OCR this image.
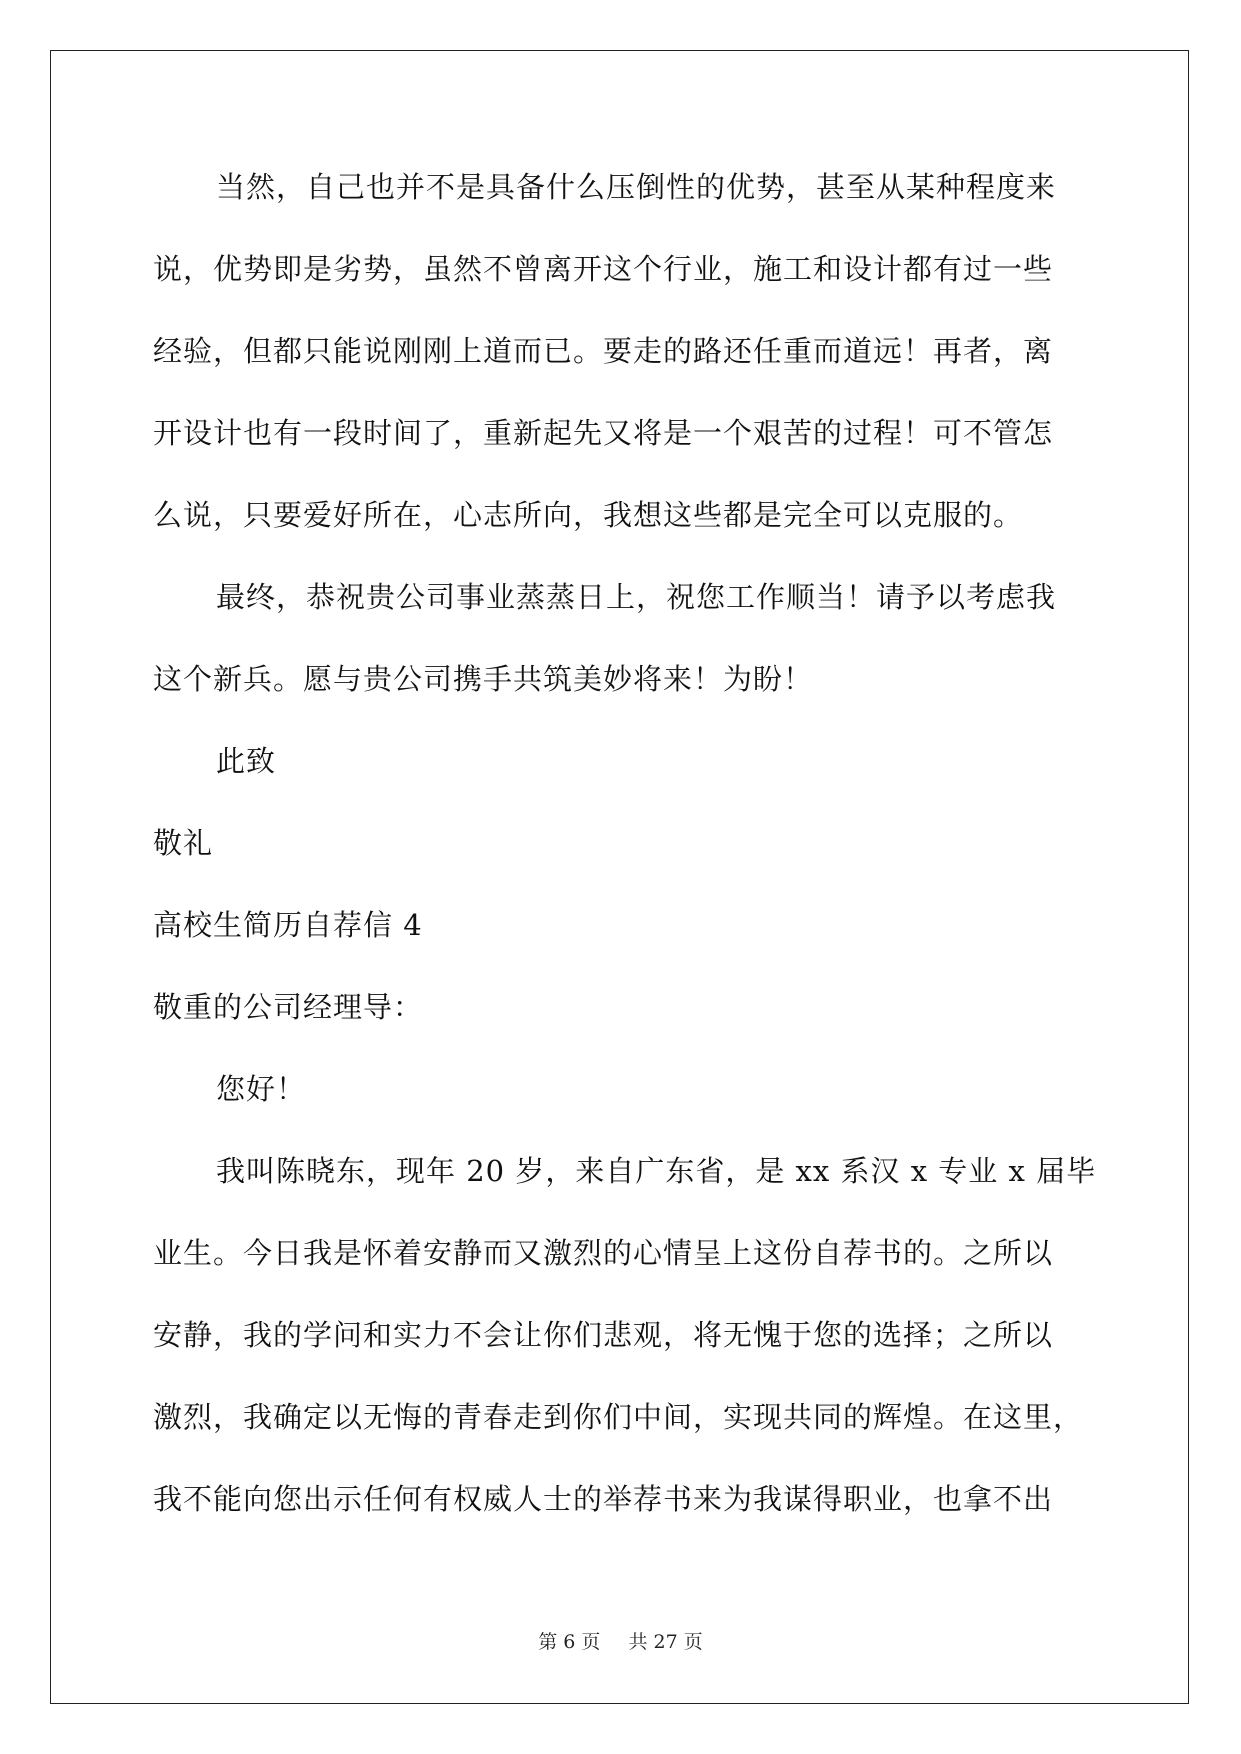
当然，自己也并不是具备什么压倒性的优势，甚至从某种程度来
说，优势即是劣势，虽然不曾离开这个行业，施工和设计都有过一些
经验，但都只能说刚刚上道而已。要走的路还任重而道远！再者，离
开设计也有一段时间了，重新起先又将是一个艰苦的过程！可不管怎
么说，只要爱好所在，心志所向，我想这些都是完全可以克服的。
最终，恭祝贵公司事业蒸蒸日上，祝您工作顺当！请予以考虑我
这个新兵。愿与贵公司携手共筑美妙将来！为盼！
此致
敬礼
高校生简历自荐信 4
敬重的公司经理导：
您好！
我叫陈晓东，现年 20 岁，来自广东省，是 xx 系汉 x 专业 x 届毕
业生。今日我是怀着安静而又激烈的心情呈上这份自荐书的。之所以
安静，我的学问和实力不会让你们悲观，将无愧于您的选择；之所以
激烈，我确定以无悔的青春走到你们中间，实现共同的辉煌。在这里，
我不能向您出示任何有权威人士的举荐书来为我谋得职业，也拿不出
第 6 页 共 27 页
